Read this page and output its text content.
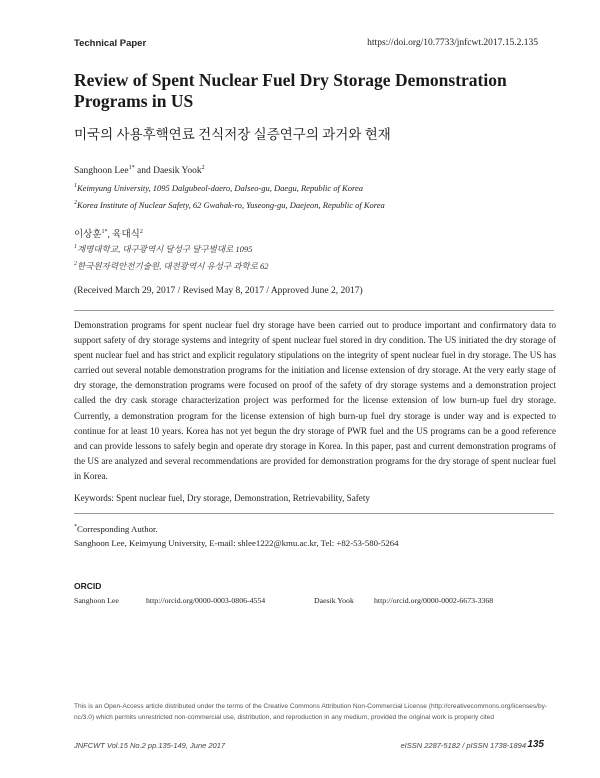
Technical Paper	https://doi.org/10.7733/jnfcwt.2017.15.2.135
Review of Spent Nuclear Fuel Dry Storage Demonstration Programs in US
미국의 사용후핵연료 건식저장 실증연구의 과거와 현재
Sanghoon Lee$^{1*}$ and Daesik Yook$^2$
$^1$Keimyung University, 1095 Dalgubeol-daero, Dalseo-gu, Daegu, Republic of Korea
$^2$Korea Institute of Nuclear Safety, 62 Gwahak-ro, Yuseong-gu, Daejeon, Republic of Korea
이상훈$^{1*}$, 육대식$^2$
$^1$계명대학교, 대구광역시 달성구 달구벌대로 1095
$^2$한국원자력안전기술원, 대전광역시 유성구 과학로 62
(Received March 29, 2017 / Revised May 8, 2017 / Approved June 2, 2017)
Demonstration programs for spent nuclear fuel dry storage have been carried out to produce important and confirmatory data to support safety of dry storage systems and integrity of spent nuclear fuel stored in dry condition. The US initiated the dry storage of spent nuclear fuel and has strict and explicit regulatory stipulations on the integrity of spent nuclear fuel in dry storage. The US has carried out several notable demonstration programs for the initiation and license extension of dry storage. At the very early stage of dry storage, the demonstration programs were focused on proof of the safety of dry storage systems and a demonstration project called the dry cask storage characterization project was performed for the license extension of low burn-up fuel dry storage. Currently, a demonstration program for the license extension of high burn-up fuel dry storage is under way and is expected to continue for at least 10 years. Korea has not yet begun the dry storage of PWR fuel and the US programs can be a good reference and can provide lessons to safely begin and operate dry storage in Korea. In this paper, past and current demonstration programs of the US are analyzed and several recommendations are provided for demonstration programs for the dry storage of spent nuclear fuel in Korea.
Keywords: Spent nuclear fuel, Dry storage, Demonstration, Retrievability, Safety
*Corresponding Author.
Sanghoon Lee, Keimyung University, E-mail: shlee1222@kmu.ac.kr, Tel: +82-53-580-5264
ORCID
Sanghoon Lee	http://orcid.org/0000-0003-0806-4554	Daesik Yook	http://orcid.org/0000-0002-6673-3368
This is an Open-Access article distributed under the terms of the Creative Commons Attribution Non-Commercial License (http://creativecommons.org/licenses/by-nc/3.0) which permits unrestricted non-commercial use, distribution, and reproduction in any medium, provided the original work is properly cited
JNFCWT Vol.15 No.2 pp.135-149, June 2017	eISSN 2287-5182 / pISSN 1738-1894 135
